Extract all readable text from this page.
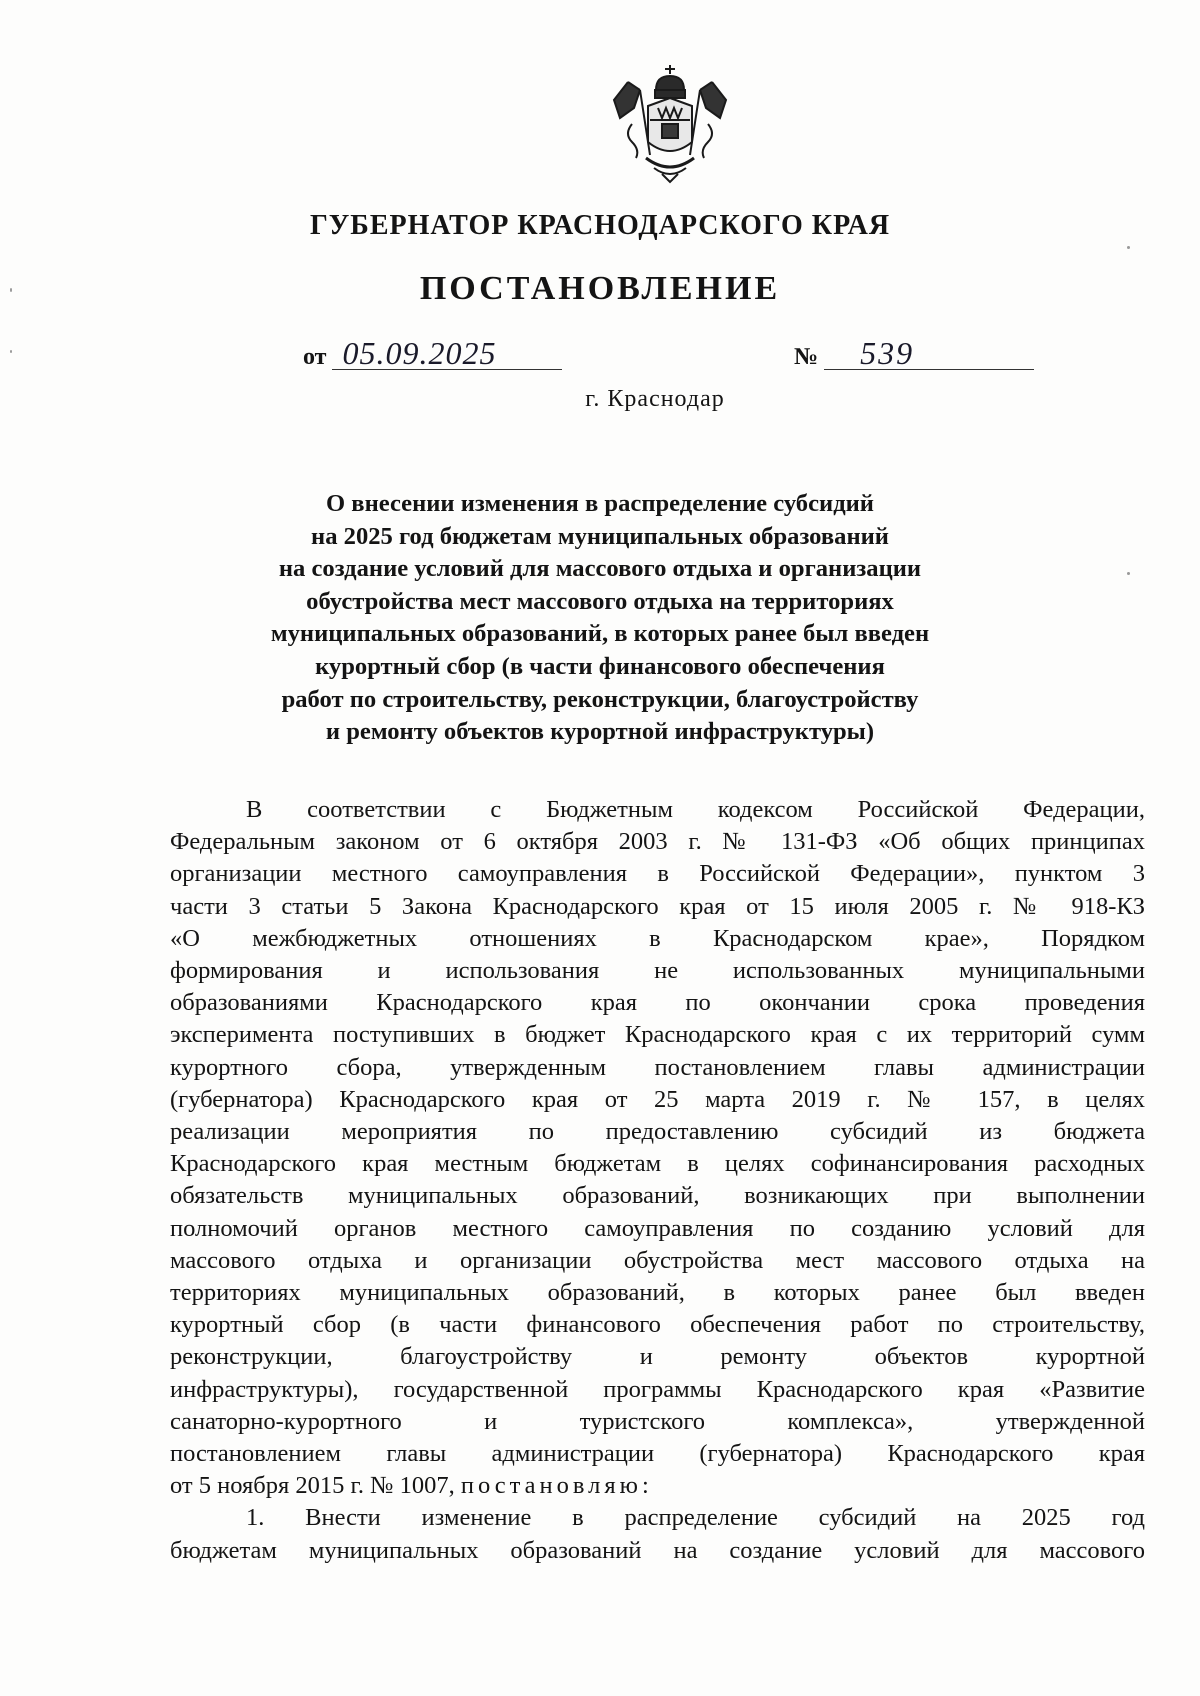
ГУБЕРНАТОР КРАСНОДАРСКОГО КРАЯ
ПОСТАНОВЛЕНИЕ
от 05.09.2025	№ 539
г. Краснодар
О внесении изменения в распределение субсидий
на 2025 год бюджетам муниципальных образований
на создание условий для массового отдыха и организации
обустройства мест массового отдыха на территориях
муниципальных образований, в которых ранее был введен
курортный сбор (в части финансового обеспечения
работ по строительству, реконструкции, благоустройству
и ремонту объектов курортной инфраструктуры)
В соответствии с Бюджетным кодексом Российской Федерации,
Федеральным законом от 6 октября 2003 г. № 131-ФЗ «Об общих принципах
организации местного самоуправления в Российской Федерации», пунктом 3
части 3 статьи 5 Закона Краснодарского края от 15 июля 2005 г. № 918-КЗ
«О межбюджетных отношениях в Краснодарском крае», Порядком
формирования и использования не использованных муниципальными
образованиями Краснодарского края по окончании срока проведения
эксперимента поступивших в бюджет Краснодарского края с их территорий сумм
курортного сбора, утвержденным постановлением главы администрации
(губернатора) Краснодарского края от 25 марта 2019 г. № 157, в целях
реализации мероприятия по предоставлению субсидий из бюджета
Краснодарского края местным бюджетам в целях софинансирования расходных
обязательств муниципальных образований, возникающих при выполнении
полномочий органов местного самоуправления по созданию условий для
массового отдыха и организации обустройства мест массового отдыха на
территориях муниципальных образований, в которых ранее был введен
курортный сбор (в части финансового обеспечения работ по строительству,
реконструкции, благоустройству и ремонту объектов курортной
инфраструктуры), государственной программы Краснодарского края «Развитие
санаторно-курортного и туристского комплекса», утвержденной
постановлением главы администрации (губернатора) Краснодарского края
от 5 ноября 2015 г. № 1007, постановляю:
1. Внести изменение в распределение субсидий на 2025 год
бюджетам муниципальных образований на создание условий для массового
